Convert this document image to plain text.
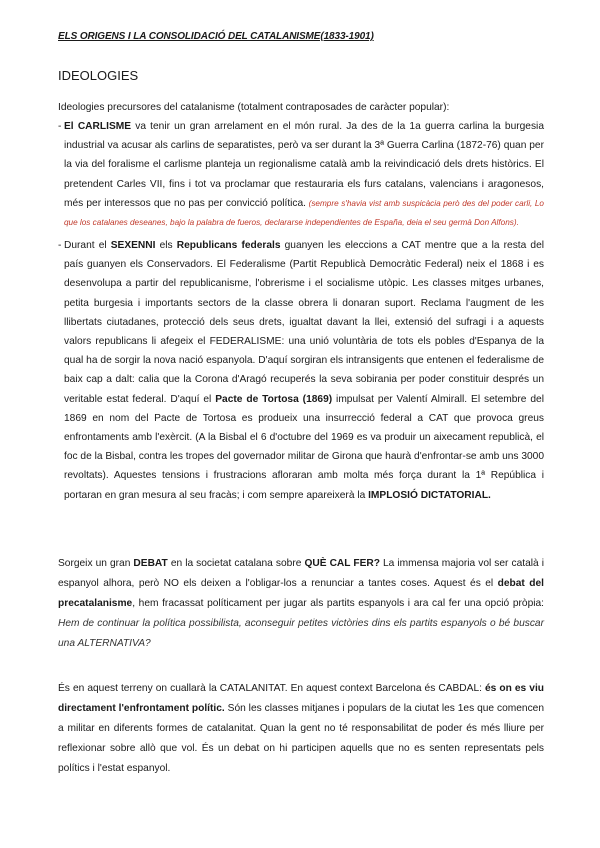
ELS ORIGENS I LA CONSOLIDACIÓ DEL CATALANISME(1833-1901)
IDEOLOGIES
Ideologies precursores del catalanisme (totalment contraposades de caràcter popular):
- El CARLISME va tenir un gran arrelament en el món rural. Ja des de la 1a guerra carlina la burgesia industrial va acusar als carlins de separatistes, però va ser durant la 3ª Guerra Carlina (1872-76) quan per la via del foralisme el carlisme planteja un regionalisme català amb la reivindicació dels drets històrics. El pretendent Carles VII, fins i tot va proclamar que restauraria els furs catalans, valencians i aragonesos, més per interessos que no pas per convicció política. (sempre s'havia vist amb suspicàcia però des del poder carli, Lo que los catalanes deseanes, bajo la palabra de fueros, declararse independientes de España, deia el seu germà Don Alfons).
- Durant el SEXENNI els Republicans federals guanyen les eleccions a CAT mentre que a la resta del país guanyen els Conservadors. El Federalisme (Partit Republicà Democràtic Federal) neix el 1868 i es desenvolupa a partir del republicanisme, l'obrerisme i el socialisme utòpic. Les classes mitges urbanes, petita burgesia i importants sectors de la classe obrera li donaran suport. Reclama l'augment de les llibertats ciutadanes, protecció dels seus drets, igualtat davant la llei, extensió del sufragi i a aquests valors republicans li afegeix el FEDERALISME: una unió voluntària de tots els pobles d'Espanya de la qual ha de sorgir la nova nació espanyola. D'aquí sorgiran els intransigents que entenen el federalisme de baix cap a dalt: calia que la Corona d'Aragó recuperés la seva sobirania per poder constituir després un veritable estat federal. D'aquí el Pacte de Tortosa (1869) impulsat per Valentí Almirall. El setembre del 1869 en nom del Pacte de Tortosa es produeix una insurrecció federal a CAT que provoca greus enfrontaments amb l'exèrcit. (A la Bisbal el 6 d'octubre del 1969 es va produir un aixecament republicà, el foc de la Bisbal, contra les tropes del governador militar de Girona que haurà d'enfrontar-se amb uns 3000 revoltats). Aquestes tensions i frustracions afloraran amb molta més força durant la 1ª República i portaran en gran mesura al seu fracàs; i com sempre apareixerà la IMPLOSIÓ DICTATORIAL.
Sorgeix un gran DEBAT en la societat catalana sobre QUÈ CAL FER? La immensa majoria vol ser català i espanyol alhora, però NO els deixen a l'obligar-los a renunciar a tantes coses. Aquest és el debat del precatalanisme, hem fracassat políticament per jugar als partits espanyols i ara cal fer una opció pròpia: Hem de continuar la política possibilista, aconseguir petites victòries dins els partits espanyols o bé buscar una ALTERNATIVA?
És en aquest terreny on cuallarà la CATALANITAT. En aquest context Barcelona és CABDAL: és on es viu directament l'enfrontament polític. Són les classes mitjanes i populars de la ciutat les 1es que comencen a militar en diferents formes de catalanitat. Quan la gent no té responsabilitat de poder és més lliure per reflexionar sobre allò que vol. És un debat on hi participen aquells que no es senten representats pels polítics i l'estat espanyol.
